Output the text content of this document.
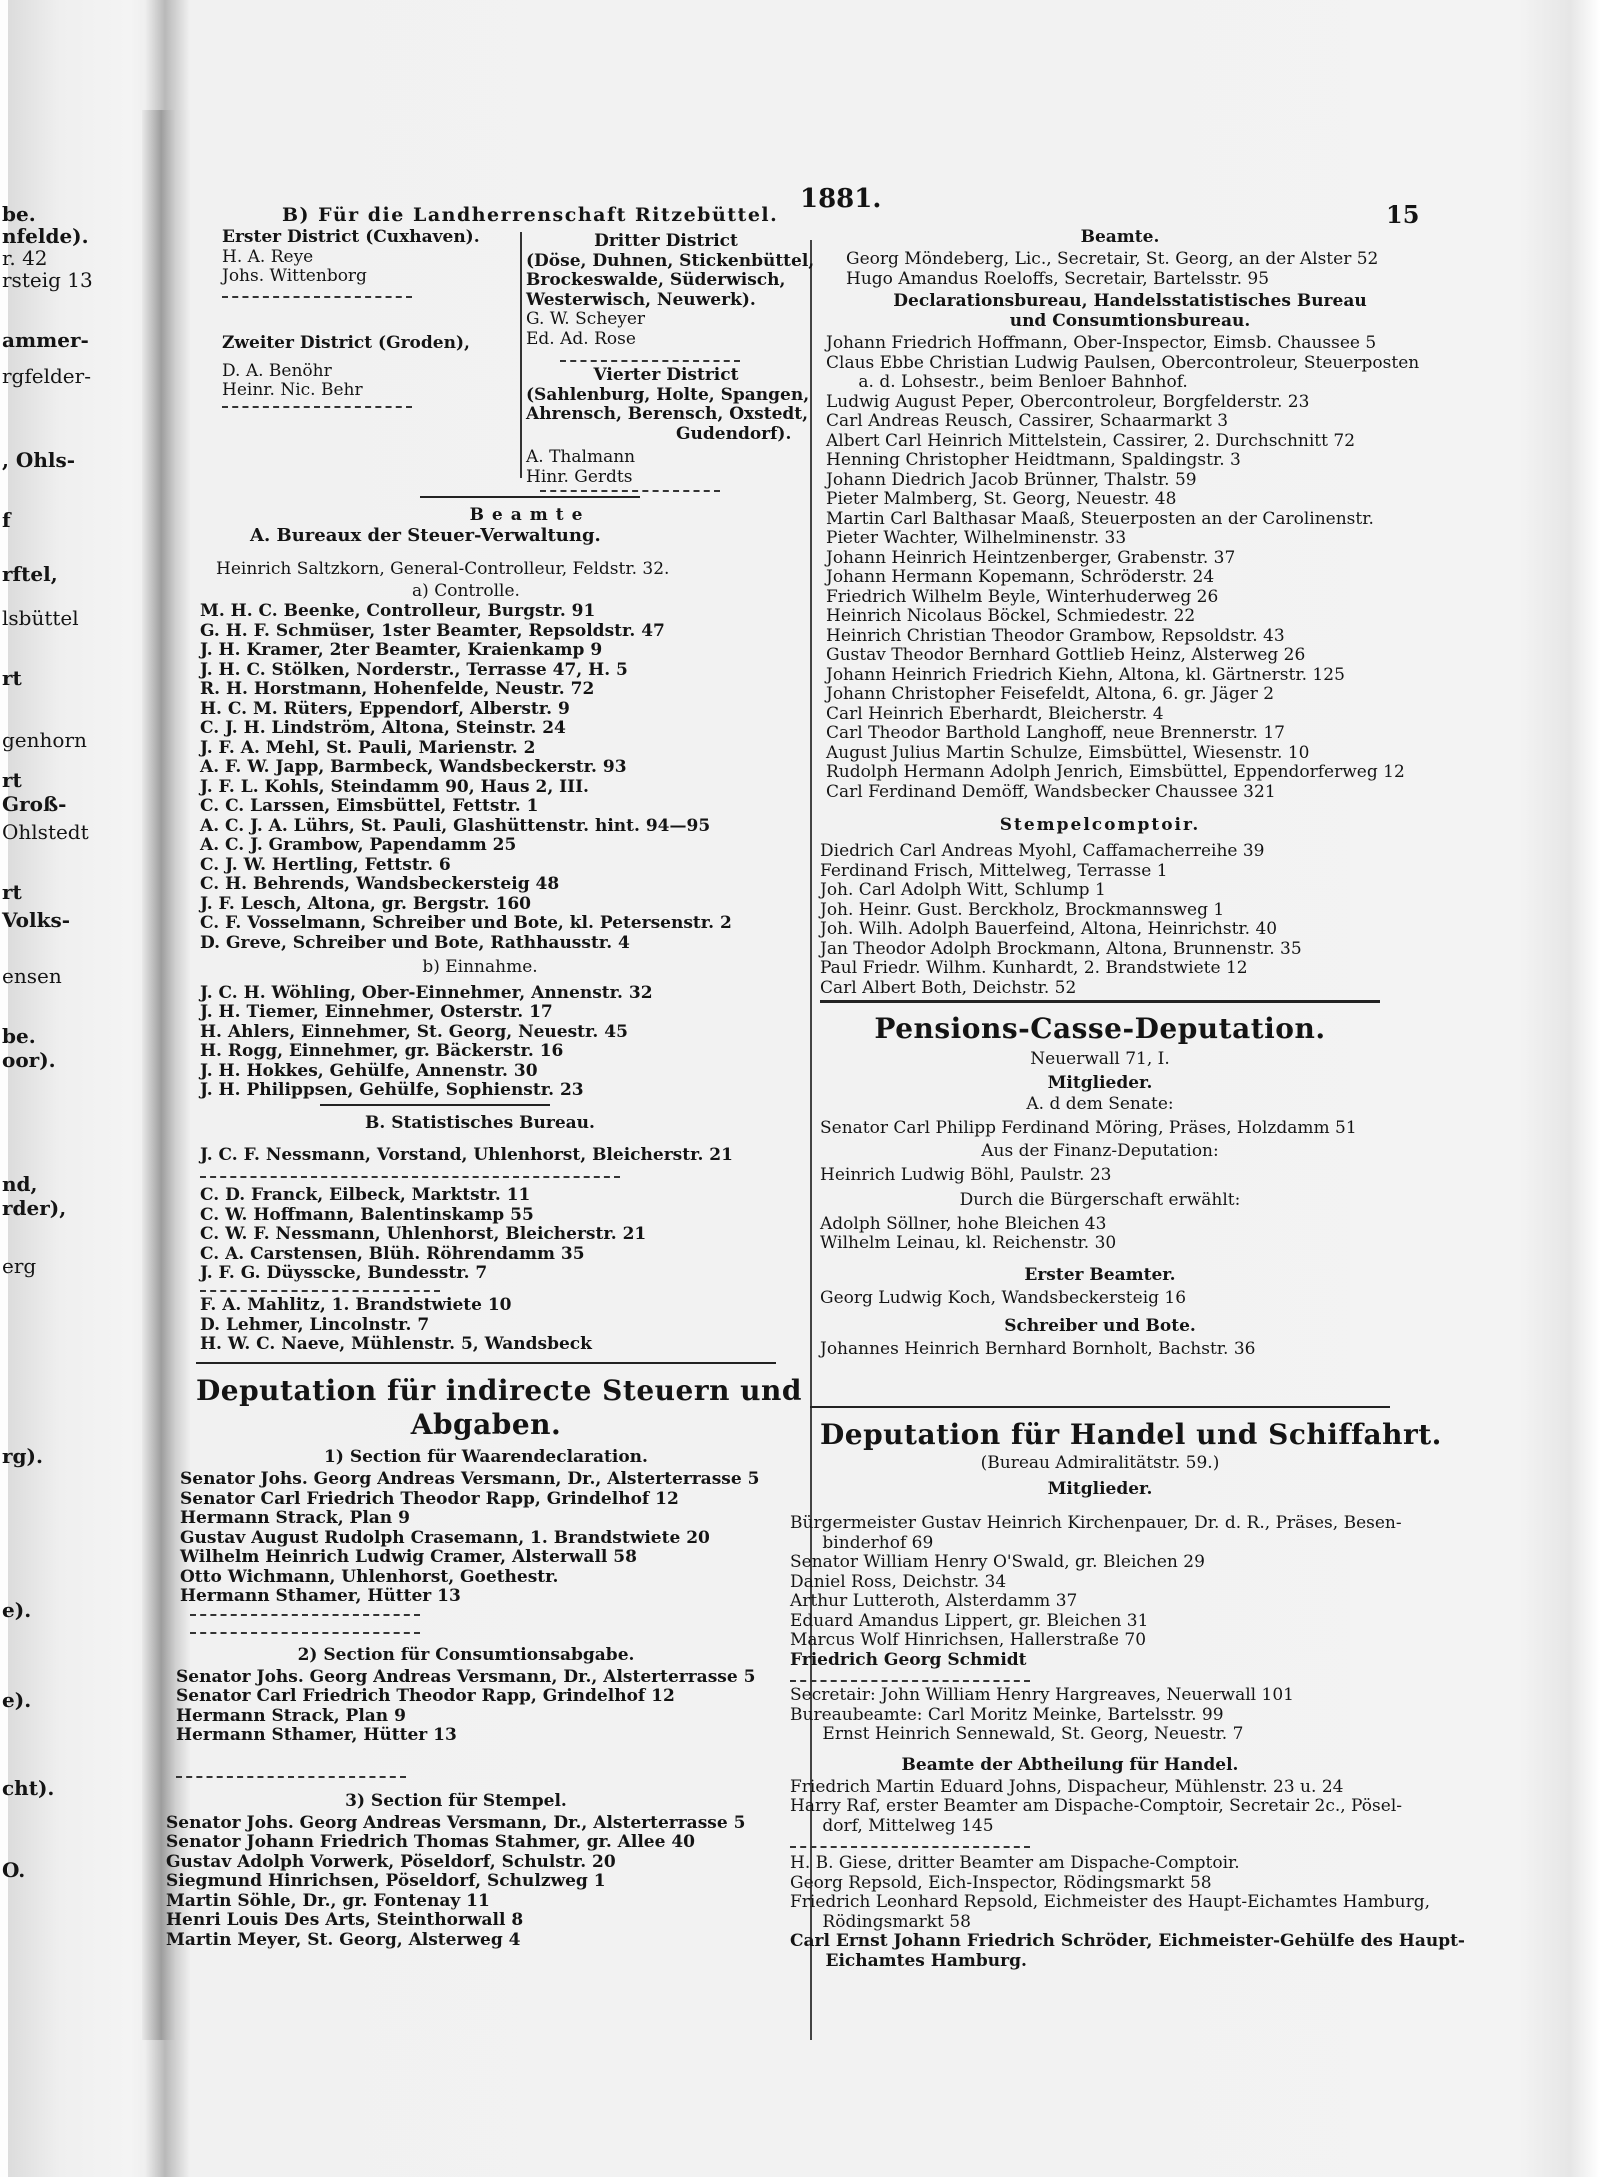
be.
nfelde).
r. 42
rsteig 13
ammer-
rgfelder-
, Ohls-
f
rftel,
lsbüttel
rt
genhorn
rt
Groß-
Ohlstedt
rt
Volks-
ensen
be.
oor).
nd,
rder),
erg
rg).
e).
e).
cht).
O.
1881.
15
B) Für die Landherrenschaft Ritzebüttel.
Erster District (Cuxhaven).
H. A. Reye
Johs. Wittenborg
Zweiter District (Groden),
D. A. Benöhr
Heinr. Nic. Behr
Dritter District
(Döse, Duhnen, Stickenbüttel,
Brockeswalde, Süderwisch,
Westerwisch, Neuwerk).
G. W. Scheyer
Ed. Ad. Rose
Vierter District
(Sahlenburg, Holte, Spangen,
Ahrensch, Berensch, Oxstedt,
Gudendorf).
A. Thalmann
Hinr. Gerdts
Beamte
A. Bureaux der Steuer-Verwaltung.
Heinrich Saltzkorn, General-Controlleur, Feldstr. 32.
a) Controlle.
M. H. C. Beenke, Controlleur, Burgstr. 91
G. H. F. Schmüser, 1ster Beamter, Repsoldstr. 47
J. H. Kramer, 2ter Beamter, Kraienkamp 9
J. H. C. Stölken, Norderstr., Terrasse 47, H. 5
R. H. Horstmann, Hohenfelde, Neustr. 72
H. C. M. Rüters, Eppendorf, Alberstr. 9
C. J. H. Lindström, Altona, Steinstr. 24
J. F. A. Mehl, St. Pauli, Marienstr. 2
A. F. W. Japp, Barmbeck, Wandsbeckerstr. 93
J. F. L. Kohls, Steindamm 90, Haus 2, III.
C. C. Larssen, Eimsbüttel, Fettstr. 1
A. C. J. A. Lührs, St. Pauli, Glashüttenstr. hint. 94—95
A. C. J. Grambow, Papendamm 25
C. J. W. Hertling, Fettstr. 6
C. H. Behrends, Wandsbeckersteig 48
J. F. Lesch, Altona, gr. Bergstr. 160
C. F. Vosselmann, Schreiber und Bote, kl. Petersenstr. 2
D. Greve, Schreiber und Bote, Rathhausstr. 4
b) Einnahme.
J. C. H. Wöhling, Ober-Einnehmer, Annenstr. 32
J. H. Tiemer, Einnehmer, Osterstr. 17
H. Ahlers, Einnehmer, St. Georg, Neuestr. 45
H. Rogg, Einnehmer, gr. Bäckerstr. 16
J. H. Hokkes, Gehülfe, Annenstr. 30
J. H. Philippsen, Gehülfe, Sophienstr. 23
B. Statistisches Bureau.
J. C. F. Nessmann, Vorstand, Uhlenhorst, Bleicherstr. 21
C. D. Franck, Eilbeck, Marktstr. 11
C. W. Hoffmann, Balentinskamp 55
C. W. F. Nessmann, Uhlenhorst, Bleicherstr. 21
C. A. Carstensen, Blüh. Röhrendamm 35
J. F. G. Düysscke, Bundesstr. 7
F. A. Mahlitz, 1. Brandstwiete 10
D. Lehmer, Lincolnstr. 7
H. W. C. Naeve, Mühlenstr. 5, Wandsbeck
Deputation für indirecte Steuern und
Abgaben.
1) Section für Waarendeclaration.
Senator Johs. Georg Andreas Versmann, Dr., Alsterterrasse 5
Senator Carl Friedrich Theodor Rapp, Grindelhof 12
Hermann Strack, Plan 9
Gustav August Rudolph Crasemann, 1. Brandstwiete 20
Wilhelm Heinrich Ludwig Cramer, Alsterwall 58
Otto Wichmann, Uhlenhorst, Goethestr.
Hermann Sthamer, Hütter 13
2) Section für Consumtionsabgabe.
Senator Johs. Georg Andreas Versmann, Dr., Alsterterrasse 5
Senator Carl Friedrich Theodor Rapp, Grindelhof 12
Hermann Strack, Plan 9
Hermann Sthamer, Hütter 13
3) Section für Stempel.
Senator Johs. Georg Andreas Versmann, Dr., Alsterterrasse 5
Senator Johann Friedrich Thomas Stahmer, gr. Allee 40
Gustav Adolph Vorwerk, Pöseldorf, Schulstr. 20
Siegmund Hinrichsen, Pöseldorf, Schulzweg 1
Martin Söhle, Dr., gr. Fontenay 11
Henri Louis Des Arts, Steinthorwall 8
Martin Meyer, St. Georg, Alsterweg 4
Beamte.
Georg Möndeberg, Lic., Secretair, St. Georg, an der Alster 52
Hugo Amandus Roeloffs, Secretair, Bartelsstr. 95
Declarationsbureau, Handelsstatistisches Bureau
und Consumtionsbureau.
Johann Friedrich Hoffmann, Ober-Inspector, Eimsb. Chaussee 5
Claus Ebbe Christian Ludwig Paulsen, Obercontroleur, Steuerposten
a. d. Lohsestr., beim Benloer Bahnhof.
Ludwig August Peper, Obercontroleur, Borgfelderstr. 23
Carl Andreas Reusch, Cassirer, Schaarmarkt 3
Albert Carl Heinrich Mittelstein, Cassirer, 2. Durchschnitt 72
Henning Christopher Heidtmann, Spaldingstr. 3
Johann Diedrich Jacob Brünner, Thalstr. 59
Pieter Malmberg, St. Georg, Neuestr. 48
Martin Carl Balthasar Maaß, Steuerposten an der Carolinenstr.
Pieter Wachter, Wilhelminenstr. 33
Johann Heinrich Heintzenberger, Grabenstr. 37
Johann Hermann Kopemann, Schröderstr. 24
Friedrich Wilhelm Beyle, Winterhuderweg 26
Heinrich Nicolaus Böckel, Schmiedestr. 22
Heinrich Christian Theodor Grambow, Repsoldstr. 43
Gustav Theodor Bernhard Gottlieb Heinz, Alsterweg 26
Johann Heinrich Friedrich Kiehn, Altona, kl. Gärtnerstr. 125
Johann Christopher Feisefeldt, Altona, 6. gr. Jäger 2
Carl Heinrich Eberhardt, Bleicherstr. 4
Carl Theodor Barthold Langhoff, neue Brennerstr. 17
August Julius Martin Schulze, Eimsbüttel, Wiesenstr. 10
Rudolph Hermann Adolph Jenrich, Eimsbüttel, Eppendorferweg 12
Carl Ferdinand Demöff, Wandsbecker Chaussee 321
Stempelcomptoir.
Diedrich Carl Andreas Myohl, Caffamacherreihe 39
Ferdinand Frisch, Mittelweg, Terrasse 1
Joh. Carl Adolph Witt, Schlump 1
Joh. Heinr. Gust. Berckholz, Brockmannsweg 1
Joh. Wilh. Adolph Bauerfeind, Altona, Heinrichstr. 40
Jan Theodor Adolph Brockmann, Altona, Brunnenstr. 35
Paul Friedr. Wilhm. Kunhardt, 2. Brandstwiete 12
Carl Albert Both, Deichstr. 52
Pensions-Casse-Deputation.
Neuerwall 71, I.
Mitglieder.
A. d dem Senate:
Senator Carl Philipp Ferdinand Möring, Präses, Holzdamm 51
Aus der Finanz-Deputation:
Heinrich Ludwig Böhl, Paulstr. 23
Durch die Bürgerschaft erwählt:
Adolph Söllner, hohe Bleichen 43
Wilhelm Leinau, kl. Reichenstr. 30
Erster Beamter.
Georg Ludwig Koch, Wandsbeckersteig 16
Schreiber und Bote.
Johannes Heinrich Bernhard Bornholt, Bachstr. 36
Deputation für Handel und Schiffahrt.
(Bureau Admiralitätstr. 59.)
Mitglieder.
Bürgermeister Gustav Heinrich Kirchenpauer, Dr. d. R., Präses, Besen-
binderhof 69
Senator William Henry O'Swald, gr. Bleichen 29
Daniel Ross, Deichstr. 34
Arthur Lutteroth, Alsterdamm 37
Eduard Amandus Lippert, gr. Bleichen 31
Marcus Wolf Hinrichsen, Hallerstraße 70
Friedrich Georg Schmidt
Secretair: John William Henry Hargreaves, Neuerwall 101
Bureaubeamte: Carl Moritz Meinke, Bartelsstr. 99
Ernst Heinrich Sennewald, St. Georg, Neuestr. 7
Beamte der Abtheilung für Handel.
Friedrich Martin Eduard Johns, Dispacheur, Mühlenstr. 23 u. 24
Harry Raf, erster Beamter am Dispache-Comptoir, Secretair 2c., Pösel-
dorf, Mittelweg 145
H. B. Giese, dritter Beamter am Dispache-Comptoir.
Georg Repsold, Eich-Inspector, Rödingsmarkt 58
Friedrich Leonhard Repsold, Eichmeister des Haupt-Eichamtes Hamburg,
Rödingsmarkt 58
Carl Ernst Johann Friedrich Schröder, Eichmeister-Gehülfe des Haupt-
Eichamtes Hamburg.
